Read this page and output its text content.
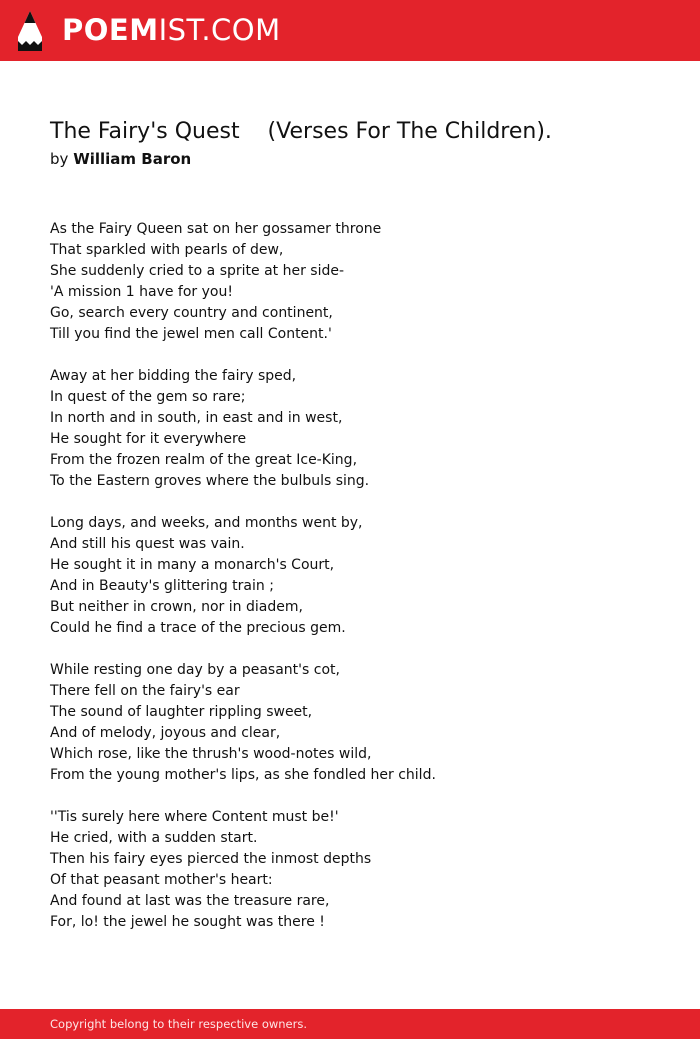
POEMIST.COM
The Fairy's Quest    (Verses For The Children).
by William Baron
As the Fairy Queen sat on her gossamer throne
That sparkled with pearls of dew,
She suddenly cried to a sprite at her side-
'A mission 1 have for you!
Go, search every country and continent,
Till you find the jewel men call Content.'
Away at her bidding the fairy sped,
In quest of the gem so rare;
In north and in south, in east and in west,
He sought for it everywhere
From the frozen realm of the great Ice-King,
To the Eastern groves where the bulbuls sing.
Long days, and weeks, and months went by,
And still his quest was vain.
He sought it in many a monarch's Court,
And in Beauty's glittering train ;
But neither in crown, nor in diadem,
Could he find a trace of the precious gem.
While resting one day by a peasant's cot,
There fell on the fairy's ear
The sound of laughter rippling sweet,
And of melody, joyous and clear,
Which rose, like the thrush's wood-notes wild,
From the young mother's lips, as she fondled her child.
''Tis surely here where Content must be!'
He cried, with a sudden start.
Then his fairy eyes pierced the inmost depths
Of that peasant mother's heart:
And found at last was the treasure rare,
For, lo! the jewel he sought was there !
Copyright belong to their respective owners.
